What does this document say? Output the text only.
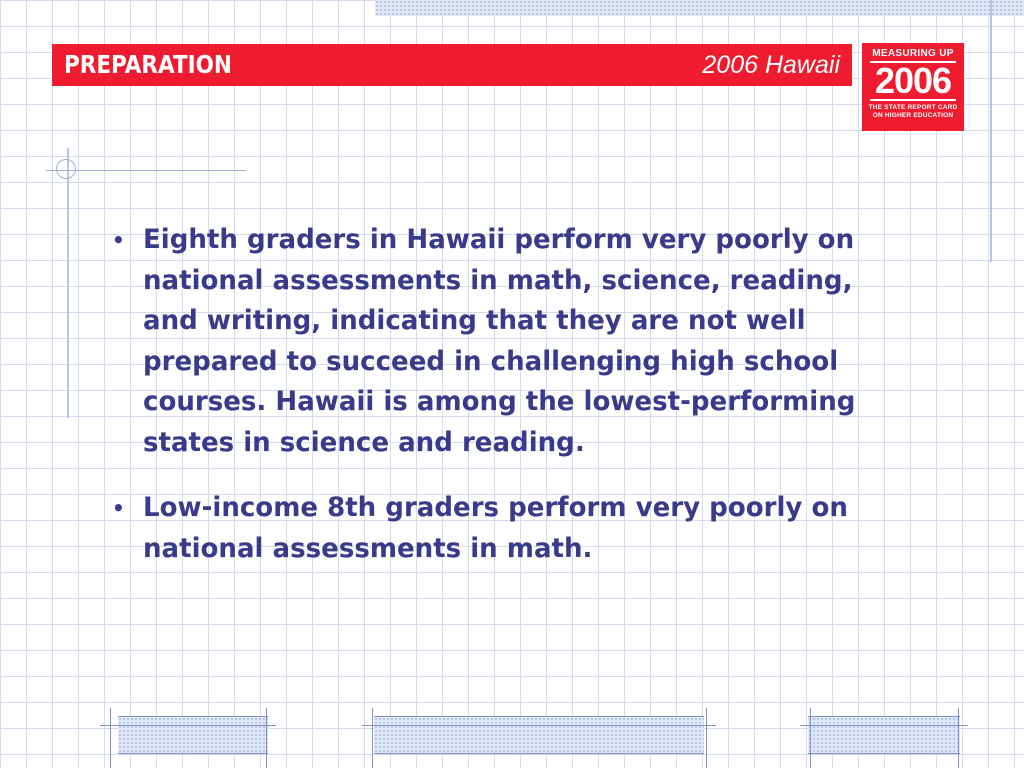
PREPARATION	2006 Hawaii	MEASURING UP
2006
THE STATE REPORT CARD
ON HIGHER EDUCATION
• Eighth graders in Hawaii perform very poorly on national assessments in math, science, reading, and writing, indicating that they are not well prepared to succeed in challenging high school courses. Hawaii is among the lowest-performing states in science and reading.
• Low-income 8th graders perform very poorly on national assessments in math.
